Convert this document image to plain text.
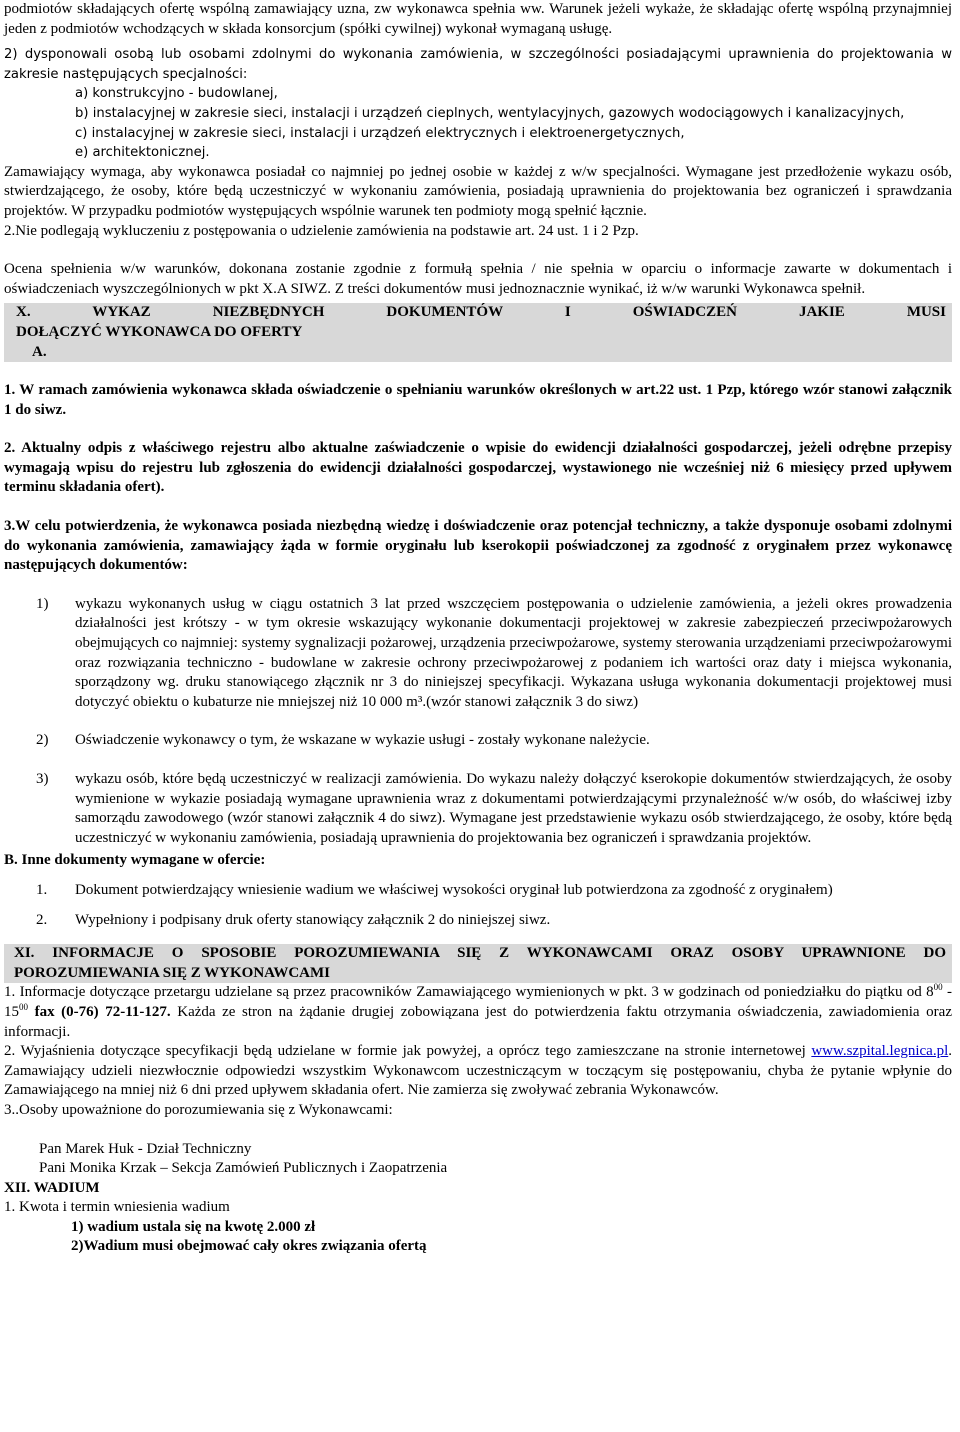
podmiotów składających ofertę wspólną zamawiający uzna, zw wykonawca spełnia ww. Warunek jeżeli wykaże, że składając ofertę wspólną przynajmniej jeden z podmiotów wchodzących w składa konsorcjum (spółki cywilnej) wykonał wymaganą usługę.

2) dysponowali osobą lub osobami zdolnymi do wykonania zamówienia, w szczególności posiadającymi uprawnienia do projektowania w zakresie następujących specjalności:

a) konstrukcyjno - budowlanej,

b) instalacyjnej w zakresie sieci, instalacji i urządzeń cieplnych, wentylacyjnych, gazowych wodociągowych i kanalizacyjnych,

c) instalacyjnej w zakresie sieci, instalacji i urządzeń elektrycznych i elektroenergetycznych,

e) architektonicznej.

Zamawiający wymaga, aby wykonawca posiadał co najmniej po jednej osobie w każdej z w/w specjalności. Wymagane jest przedłożenie wykazu osób, stwierdzającego, że osoby, które będą uczestniczyć w wykonaniu zamówienia, posiadają uprawnienia do projektowania bez ograniczeń i sprawdzania projektów. W przypadku podmiotów występujących wspólnie warunek ten podmioty mogą spełnić łącznie.

2.Nie podlegają wykluczeniu z postępowania o udzielenie zamówienia na podstawie art. 24 ust. 1 i 2 Pzp.

Ocena spełnienia w/w warunków, dokonana zostanie zgodnie z formułą spełnia / nie spełnia w oparciu o informacje zawarte w dokumentach i oświadczeniach wyszczególnionych w pkt X.A SIWZ. Z treści dokumentów musi jednoznacznie wynikać, iż w/w warunki Wykonawca spełnił.

X. WYKAZ NIEZBĘDNYCH DOKUMENTÓW I OŚWIADCZEŃ JAKIE MUSI

DOŁĄCZYĆ WYKONAWCA DO OFERTY

A.

1. W ramach zamówienia wykonawca składa oświadczenie o spełnianiu warunków określonych w art.22 ust. 1 Pzp, którego wzór stanowi załącznik 1 do siwz.

2. Aktualny odpis z właściwego rejestru albo aktualne zaświadczenie o wpisie do ewidencji działalności gospodarczej, jeżeli odrębne przepisy wymagają wpisu do rejestru lub zgłoszenia do ewidencji działalności gospodarczej, wystawionego nie wcześniej niż 6 miesięcy przed upływem terminu składania ofert).

3.W celu potwierdzenia, że wykonawca posiada niezbędną wiedzę i doświadczenie oraz potencjał techniczny, a także dysponuje osobami zdolnymi do wykonania zamówienia, zamawiający żąda w formie oryginału lub kserokopii poświadczonej za zgodność z oryginałem przez wykonawcę następujących dokumentów:

1)	wykazu wykonanych usług w ciągu ostatnich 3 lat przed wszczęciem postępowania o udzielenie zamówienia, a jeżeli okres prowadzenia działalności jest krótszy - w tym okresie wskazujący wykonanie dokumentacji projektowej w zakresie zabezpieczeń przeciwpożarowych obejmujących co najmniej: systemy sygnalizacji pożarowej, urządzenia przeciwpożarowe, systemy sterowania urządzeniami przeciwpożarowymi oraz rozwiązania techniczno - budowlane w zakresie ochrony przeciwpożarowej z podaniem ich wartości oraz daty i miejsca wykonania, sporządzony wg. druku stanowiącego złącznik nr 3 do niniejszej specyfikacji. Wykazana usługa wykonania dokumentacji projektowej musi dotyczyć obiektu o kubaturze nie mniejszej niż 10 000 m³.(wzór stanowi załącznik 3 do siwz)
2)	Oświadczenie wykonawcy o tym, że wskazane w wykazie usługi - zostały wykonane należycie.
3)	wykazu osób, które będą uczestniczyć w realizacji zamówienia. Do wykazu należy dołączyć kserokopie dokumentów stwierdzających, że osoby wymienione w wykazie posiadają wymagane uprawnienia wraz z dokumentami potwierdzającymi przynależność w/w osób, do właściwej izby samorządu zawodowego (wzór stanowi załącznik 4 do siwz). Wymagane jest przedstawienie wykazu osób stwierdzającego, że osoby, które będą uczestniczyć w wykonaniu zamówienia, posiadają uprawnienia do projektowania bez ograniczeń i sprawdzania projektów.

B. Inne dokumenty wymagane w ofercie:

1.	Dokument potwierdzający wniesienie wadium we właściwej wysokości oryginał lub potwierdzona za zgodność z oryginałem)
2.	Wypełniony i podpisany druk oferty stanowiący załącznik 2 do niniejszej siwz.

XI. INFORMACJE O SPOSOBIE POROZUMIEWANIA SIĘ Z WYKONAWCAMI ORAZ OSOBY UPRAWNIONE DO

POROZUMIEWANIA SIĘ Z WYKONAWCAMI

1. Informacje dotyczące przetargu udzielane są przez pracowników Zamawiającego wymienionych w pkt. 3 w godzinach od poniedziałku do piątku od $8^{00} - 15^{00}$ fax (0-76) 72-11-127. Każda ze stron na żądanie drugiej zobowiązana jest do potwierdzenia faktu otrzymania oświadczenia, zawiadomienia oraz informacji.

2. Wyjaśnienia dotyczące specyfikacji będą udzielane w formie jak powyżej, a oprócz tego zamieszczane na stronie internetowej www.szpital.legnica.pl. Zamawiający udzieli niezwłocznie odpowiedzi wszystkim Wykonawcom uczestniczącym w toczącym się postępowaniu, chyba że pytanie wpłynie do Zamawiającego na mniej niż 6 dni przed upływem składania ofert. Nie zamierza się zwoływać zebrania Wykonawców.

3..Osoby upoważnione do porozumiewania się z Wykonawcami:

Pan Marek Huk - Dział Techniczny

Pani Monika Krzak – Sekcja Zamówień Publicznych i Zaopatrzenia

XII. WADIUM

1. Kwota i termin wniesienia wadium

1) wadium ustala się na kwotę 2.000 zł

2)Wadium musi obejmować cały okres związania ofertą
